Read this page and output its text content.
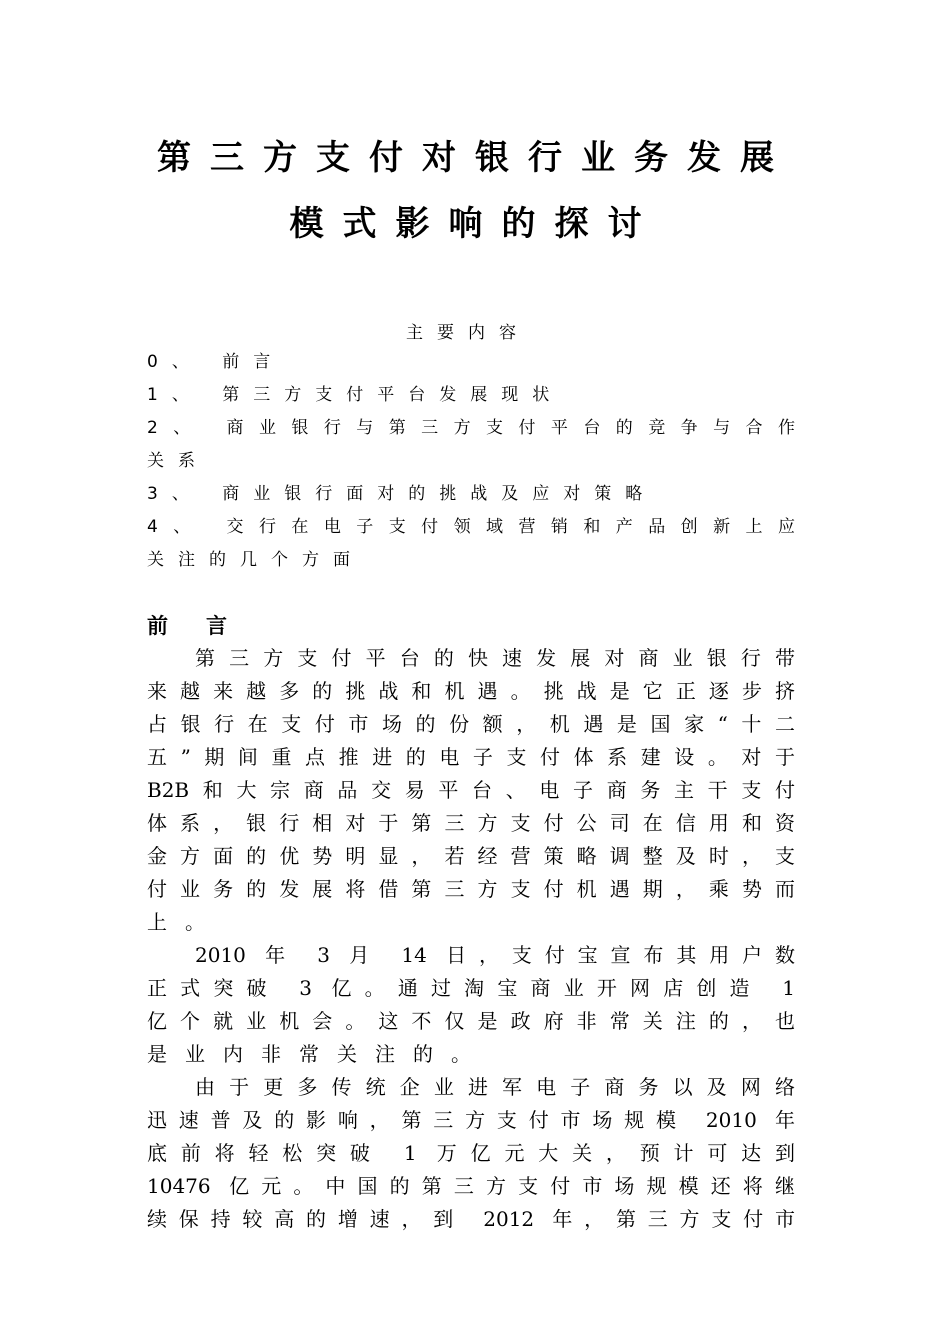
第三方支付对银行业务发展
模式影响的探讨
主要内容
0、 前言
1、 第三方支付平台发展现状
2、 商业银行与第三方支付平台的竞争与合作
关系
3、 商业银行面对的挑战及应对策略
4、 交行在电子支付领域营销和产品创新上应
关注的几个方面
前言
第三方支付平台的快速发展对商业银行带
来越来越多的挑战和机遇。挑战是它正逐步挤
占银行在支付市场的份额，机遇是国家“十二
五”期间重点推进的电子支付体系建设。对于
B2B和大宗商品交易平台、电子商务主干支付
体系，银行相对于第三方支付公司在信用和资
金方面的优势明显，若经营策略调整及时，支
付业务的发展将借第三方支付机遇期，乘势而
上。
2010 年 3 月 14 日，支付宝宣布其用户数
正式突破 3 亿。通过淘宝商业开网店创造 1
亿个就业机会。这不仅是政府非常关注的，也
是业内非常关注的。
由于更多传统企业进军电子商务以及网络
迅速普及的影响，第三方支付市场规模 2010 年
底前将轻松突破 1 万亿元大关，预计可达到
10476 亿元。中国的第三方支付市场规模还将继
续保持较高的增速，到 2012 年，第三方支付市
